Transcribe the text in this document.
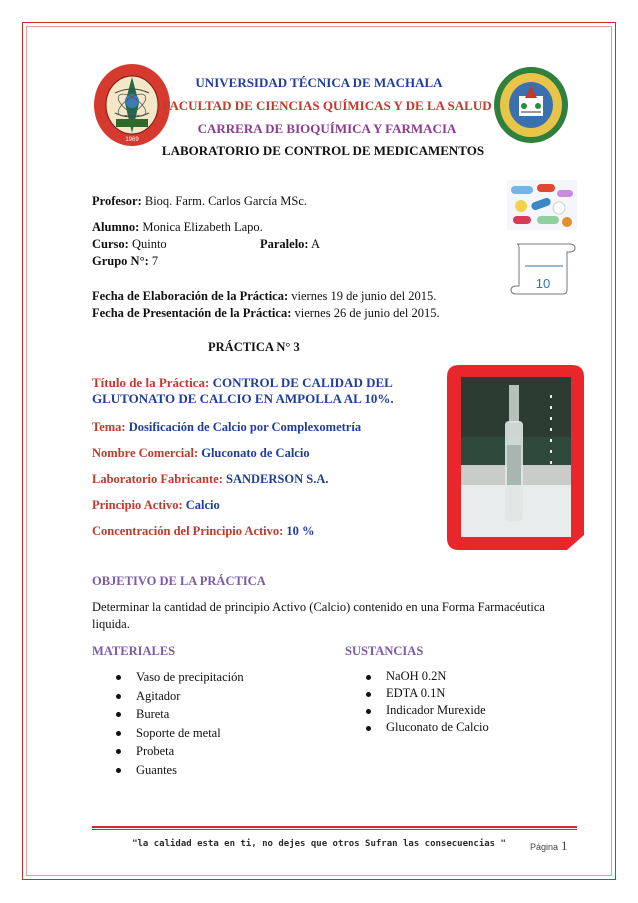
1969
UNIVERSIDAD TÉCNICA DE MACHALA
FACULTAD DE CIENCIAS QUÍMICAS Y DE LA SALUD
CARRERA DE BIOQUÍMICA Y FARMACIA
LABORATORIO DE CONTROL DE MEDICAMENTOS
10
Profesor: Bioq. Farm. Carlos García MSc.
Alumno: Monica Elizabeth Lapo.
Curso: Quinto	Paralelo: A
Grupo N°: 7
Fecha de Elaboración de la Práctica: viernes 19 de junio del 2015.
Fecha de Presentación de la Práctica: viernes 26 de junio del 2015.
PRÁCTICA N° 3
Título de la Práctica: CONTROL DE CALIDAD DEL
GLUTONATO DE CALCIO EN AMPOLLA AL 10%.
Tema: Dosificación de Calcio por Complexometría
Nombre Comercial: Gluconato de Calcio
Laboratorio Fabricante: SANDERSON S.A.
Principio Activo: Calcio
Concentración del Principio Activo: 10 %
OBJETIVO DE LA PRÁCTICA
Determinar la cantidad de principio Activo (Calcio) contenido en una Forma Farmacéutica
liquida.
MATERIALES	SUSTANCIAS
Vaso de precipitación
Agitador
Bureta
Soporte de metal
Probeta
Guantes
NaOH 0.2N
EDTA 0.1N
Indicador Murexide
Gluconato de Calcio
"la calidad esta en ti, no dejes que otros Sufran las consecuencias "	Página 1
